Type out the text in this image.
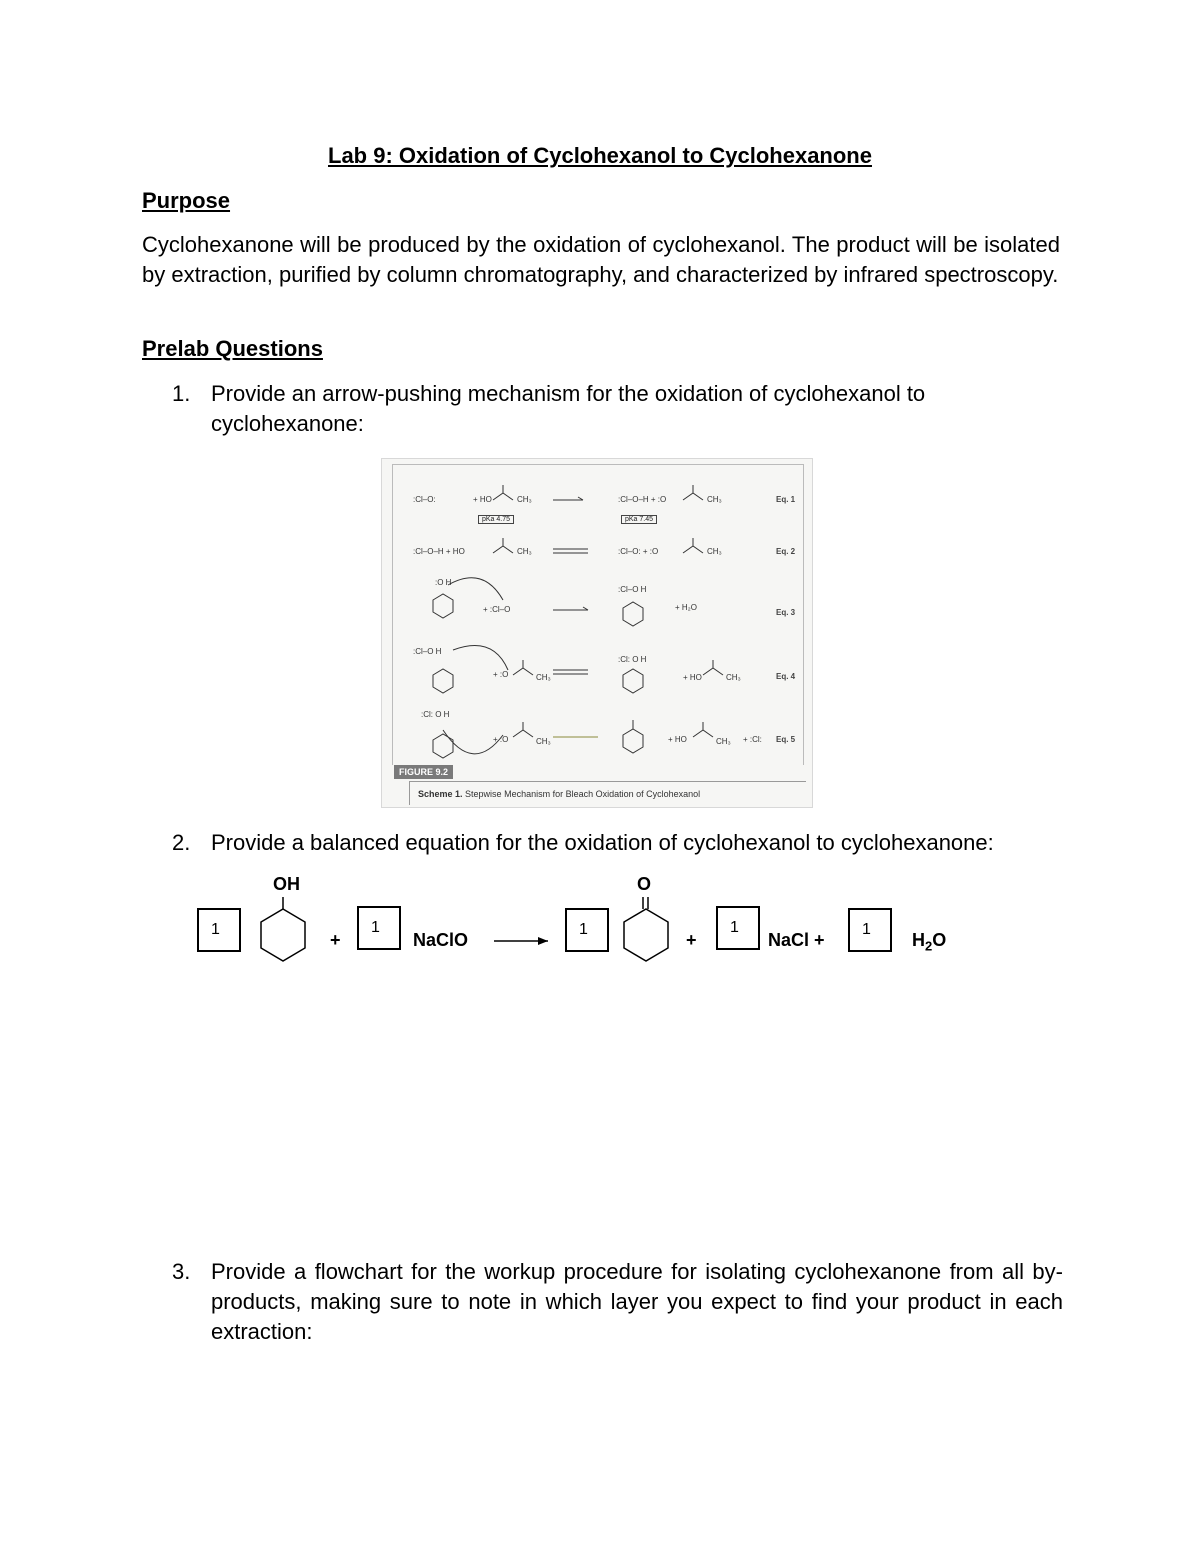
Lab 9: Oxidation of Cyclohexanol to Cyclohexanone
Purpose
Cyclohexanone will be produced by the oxidation of cyclohexanol. The product will be isolated by extraction, purified by column chromatography, and characterized by infrared spectroscopy.
Prelab Questions
1. Provide an arrow-pushing mechanism for the oxidation of cyclohexanol to cyclohexanone:
:Cl–O:	+ HO	CH₃	:Cl–O–H + :O	CH₃
pKa 4.75	pKa 7.45
:Cl–O–H + HO	CH₃	:Cl–O: + :O	CH₃
:O H
+ :Cl–O
:Cl–O H
+ H₂O
:Cl–O H
+ :O	CH₃
:Cl: O H
+ HO	CH₃
:Cl: O H
+ :O	CH₃	+ HO	CH₃ + :Cl:
Eq. 1
Eq. 2
Eq. 3
Eq. 4
Eq. 5
FIGURE 9.2
Scheme 1. Stepwise Mechanism for Bleach Oxidation of Cyclohexanol
2. Provide a balanced equation for the oxidation of cyclohexanol to cyclohexanone:
1
OH
+
1
NaClO →
1
O
+
1
NaCl +
1
$H_2O$
3. Provide a flowchart for the workup procedure for isolating cyclohexanone from all by-products, making sure to note in which layer you expect to find your product in each extraction:
